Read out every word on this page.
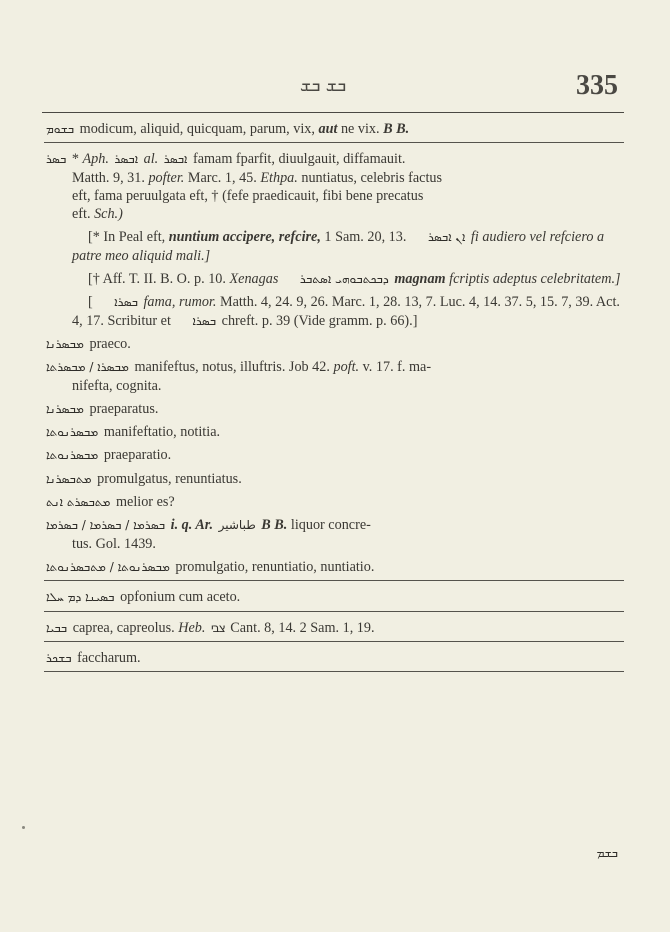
ܒܫ ܒܫ	335

ܒܫܘܡ modicum, aliquid, quicquam, parum, vix, aut ne vix. B B.

ܒܣܪ * Aph. ܐܒܣܪ al. ܐܒܣܪ famam fparfit, diuulgauit, diffamauit.
Matth. 9, 31. pofter. Marc. 1, 45. Ethpa. nuntiatus, celebris factus
eft, fama peruulgata eft, † (fefe praedicauit, fibi bene precatus
eft. Sch.)
[* In Peal eft, nuntium accipere, refcire, 1 Sam. 20, 13. ܐܢ ܐܒܣܪ fi audiero vel refciero a patre meo aliquid mali.]
[† Aff. T. II. B. O. p. 10. Xenagas ܕܒܟܬܒܘܗܝ ܐܣܬܒܪ magnam fcriptis adeptus celebritatem.]
[ ܒܣܪܐ fama, rumor. Matth. 4, 24. 9, 26. Marc. 1, 28. 13, 7. Luc. 4, 14. 37. 5, 15. 7, 39. Act. 4, 17. Scribitur et ܒܣܪܐ chreft. p. 39 (Vide gramm. p. 66).]

ܡܒܣܪܢܐ praeco.

ܡܒܣܪܐ / ܡܒܣܪܬܐ manifeftus, notus, illuftris. Job 42. poft. v. 17. f. ma-
nifefta, cognita.

ܡܒܣܪܢܐ praeparatus.

ܡܒܣܪܢܘܬܐ manifeftatio, notitia.

ܡܒܣܪܢܘܬܐ praeparatio.

ܡܬܒܣܪܢܐ promulgatus, renuntiatus.

ܡܬܒܣܪܬ ܐܢܬ melior es?

ܒܣܪܡܐ / ܒܣܪܡܐ / ܒܣܪܡܐ i. q. Ar. طباشير B B. liquor concre-
tus. Gol. 1439.

ܡܒܣܪܢܘܬܐ / ܡܬܒܣܪܢܘܬܐ promulgatio, renuntiatio, nuntiatio.

ܒܣܝܢܐ ܕܡ ܚܠܐ opfonium cum aceto.

ܒܒܝܐ caprea, capreolus. Heb. צבי Cant. 8, 14. 2 Sam. 1, 19.

ܒܫܟܪ faccharum.

ܒܫܡ
